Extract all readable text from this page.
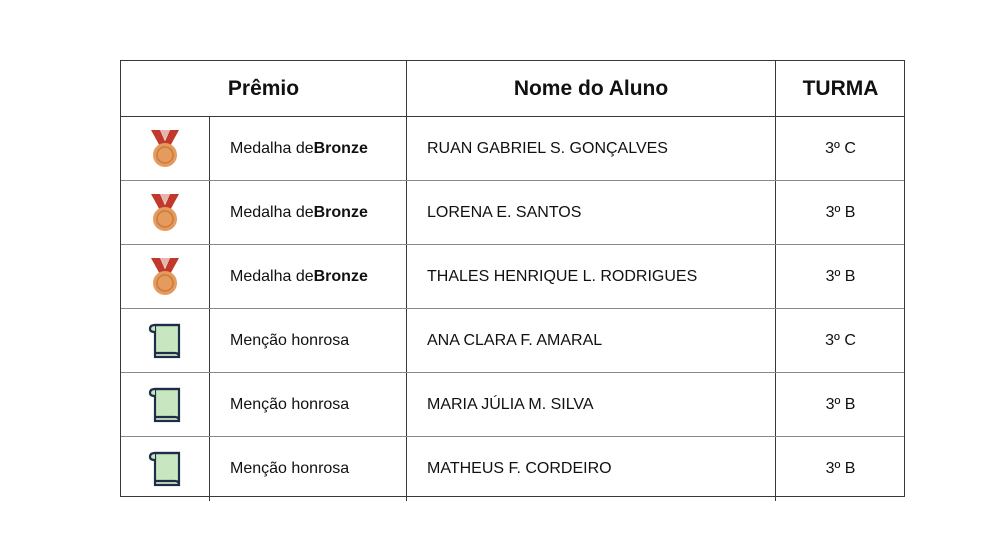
Prêmio	Nome do Aluno	TURMA
Medalha de Bronze	RUAN GABRIEL S. GONÇALVES	3º C
Medalha de Bronze	LORENA E. SANTOS	3º B
Medalha de Bronze	THALES HENRIQUE L. RODRIGUES	3º B
Menção honrosa	ANA CLARA F. AMARAL	3º C
Menção honrosa	MARIA JÚLIA M. SILVA	3º B
Menção honrosa	MATHEUS F. CORDEIRO	3º B
